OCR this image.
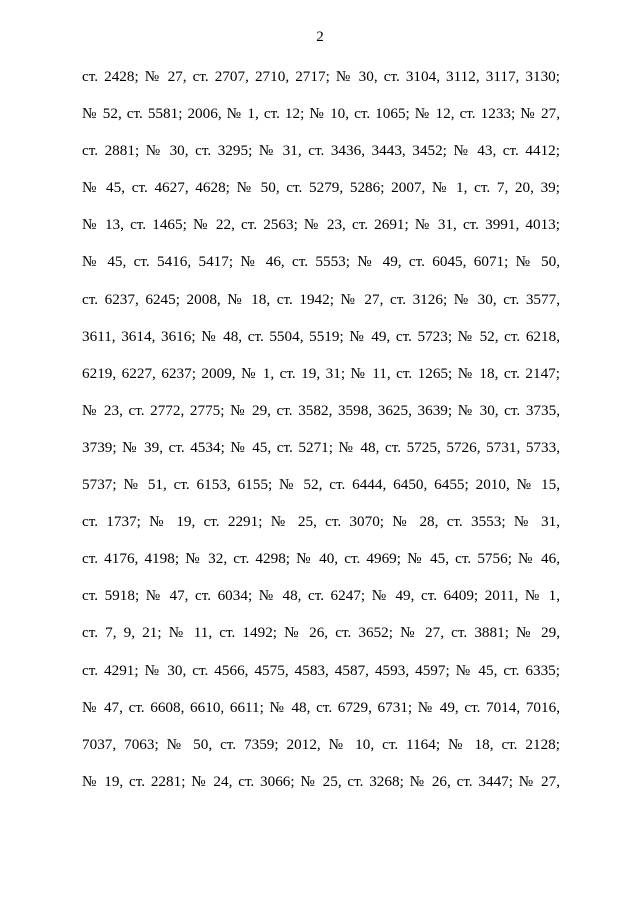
2
ст. 2428; № 27, ст. 2707, 2710, 2717; № 30, ст. 3104, 3112, 3117, 3130;
№ 52, ст. 5581; 2006, № 1, ст. 12; № 10, ст. 1065; № 12, ст. 1233; № 27,
ст. 2881; № 30, ст. 3295; № 31, ст. 3436, 3443, 3452; № 43, ст. 4412;
№ 45, ст. 4627, 4628; № 50, ст. 5279, 5286; 2007, № 1, ст. 7, 20, 39;
№ 13, ст. 1465; № 22, ст. 2563; № 23, ст. 2691; № 31, ст. 3991, 4013;
№ 45, ст. 5416, 5417; № 46, ст. 5553; № 49, ст. 6045, 6071; № 50,
ст. 6237, 6245; 2008, № 18, ст. 1942; № 27, ст. 3126; № 30, ст. 3577,
3611, 3614, 3616; № 48, ст. 5504, 5519; № 49, ст. 5723; № 52, ст. 6218,
6219, 6227, 6237; 2009, № 1, ст. 19, 31; № 11, ст. 1265; № 18, ст. 2147;
№ 23, ст. 2772, 2775; № 29, ст. 3582, 3598, 3625, 3639; № 30, ст. 3735,
3739; № 39, ст. 4534; № 45, ст. 5271; № 48, ст. 5725, 5726, 5731, 5733,
5737; № 51, ст. 6153, 6155; № 52, ст. 6444, 6450, 6455; 2010, № 15,
ст. 1737; № 19, ст. 2291; № 25, ст. 3070; № 28, ст. 3553; № 31,
ст. 4176, 4198; № 32, ст. 4298; № 40, ст. 4969; № 45, ст. 5756; № 46,
ст. 5918; № 47, ст. 6034; № 48, ст. 6247; № 49, ст. 6409; 2011, № 1,
ст. 7, 9, 21; № 11, ст. 1492; № 26, ст. 3652; № 27, ст. 3881; № 29,
ст. 4291; № 30, ст. 4566, 4575, 4583, 4587, 4593, 4597; № 45, ст. 6335;
№ 47, ст. 6608, 6610, 6611; № 48, ст. 6729, 6731; № 49, ст. 7014, 7016,
7037, 7063; № 50, ст. 7359; 2012, № 10, ст. 1164; № 18, ст. 2128;
№ 19, ст. 2281; № 24, ст. 3066; № 25, ст. 3268; № 26, ст. 3447; № 27,
